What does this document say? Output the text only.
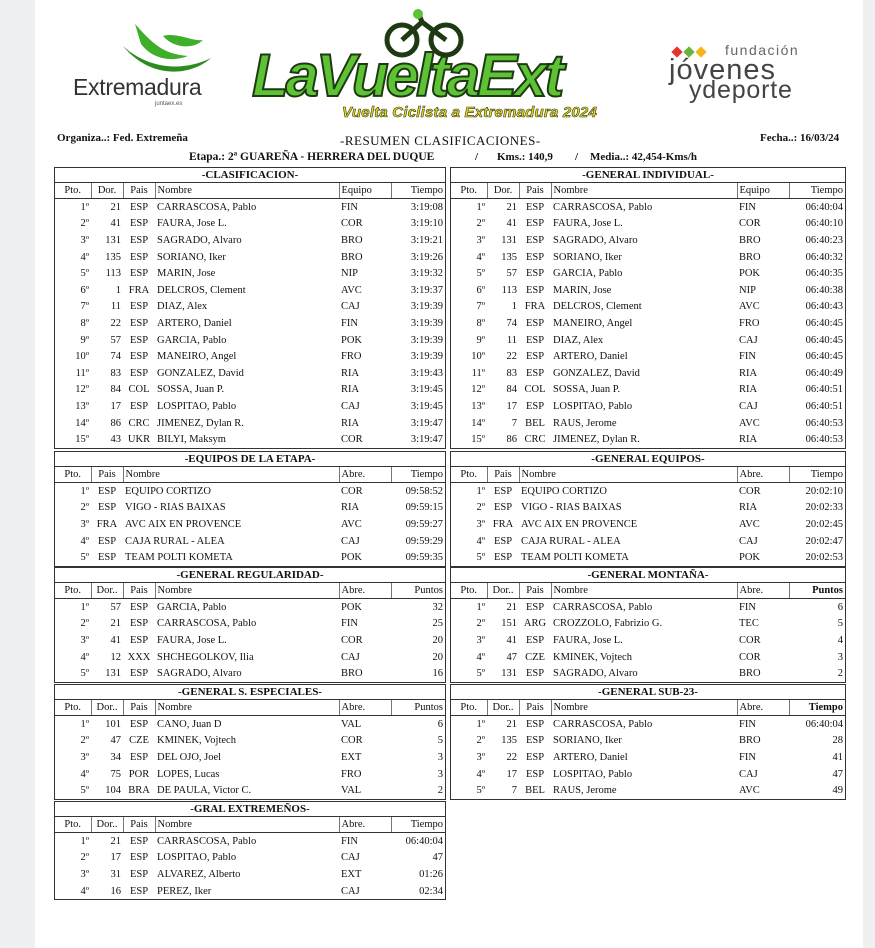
Extremadura
juntaex.es LaVueltaExt
Vuelta Ciclista a Extremadura 2024
fundación
jóvenes
ydeporte
Organiza..: Fed. Extremeña	-RESUMEN CLASIFICACIONES-	Fecha..: 16/03/24
Etapa.: 2ª GUAREÑA - HERRERA DEL DUQUE	/ Kms.: 140,9 / Media..: 42,454-Kms/h
-CLASIFICACION-
Pto.	Dor.	Pais	Nombre	Equipo	Tiempo
1º	21	ESP	CARRASCOSA, Pablo	FIN	3:19:08
2º	41	ESP	FAURA, Jose L.	COR	3:19:10
3º	131	ESP	SAGRADO, Alvaro	BRO	3:19:21
4º	135	ESP	SORIANO, Iker	BRO	3:19:26
5º	113	ESP	MARIN, Jose	NIP	3:19:32
6º	1	FRA	DELCROS, Clement	AVC	3:19:37
7º	11	ESP	DIAZ, Alex	CAJ	3:19:39
8º	22	ESP	ARTERO, Daniel	FIN	3:19:39
9º	57	ESP	GARCIA, Pablo	POK	3:19:39
10º	74	ESP	MANEIRO, Angel	FRO	3:19:39
11º	83	ESP	GONZALEZ, David	RIA	3:19:43
12º	84	COL	SOSSA, Juan P.	RIA	3:19:45
13º	17	ESP	LOSPITAO, Pablo	CAJ	3:19:45
14º	86	CRC	JIMENEZ, Dylan R.	RIA	3:19:47
15º	43	UKR	BILYI, Maksym	COR	3:19:47
-GENERAL INDIVIDUAL-
Pto.	Dor.	Pais	Nombre	Equipo	Tiempo
1º	21	ESP	CARRASCOSA, Pablo	FIN	06:40:04
2º	41	ESP	FAURA, Jose L.	COR	06:40:10
3º	131	ESP	SAGRADO, Alvaro	BRO	06:40:23
4º	135	ESP	SORIANO, Iker	BRO	06:40:32
5º	57	ESP	GARCIA, Pablo	POK	06:40:35
6º	113	ESP	MARIN, Jose	NIP	06:40:38
7º	1	FRA	DELCROS, Clement	AVC	06:40:43
8º	74	ESP	MANEIRO, Angel	FRO	06:40:45
9º	11	ESP	DIAZ, Alex	CAJ	06:40:45
10º	22	ESP	ARTERO, Daniel	FIN	06:40:45
11º	83	ESP	GONZALEZ, David	RIA	06:40:49
12º	84	COL	SOSSA, Juan P.	RIA	06:40:51
13º	17	ESP	LOSPITAO, Pablo	CAJ	06:40:51
14º	7	BEL	RAUS, Jerome	AVC	06:40:53
15º	86	CRC	JIMENEZ, Dylan R.	RIA	06:40:53
-EQUIPOS DE LA ETAPA-
Pto.	Pais	Nombre	Abre.	Tiempo
1º	ESP	EQUIPO CORTIZO	COR	09:58:52
2º	ESP	VIGO - RIAS BAIXAS	RIA	09:59:15
3º	FRA	AVC AIX EN PROVENCE	AVC	09:59:27
4º	ESP	CAJA RURAL - ALEA	CAJ	09:59:29
5º	ESP	TEAM POLTI KOMETA	POK	09:59:35
-GENERAL EQUIPOS-
Pto.	Pais	Nombre	Abre.	Tiempo
1º	ESP	EQUIPO CORTIZO	COR	20:02:10
2º	ESP	VIGO - RIAS BAIXAS	RIA	20:02:33
3º	FRA	AVC AIX EN PROVENCE	AVC	20:02:45
4º	ESP	CAJA RURAL - ALEA	CAJ	20:02:47
5º	ESP	TEAM POLTI KOMETA	POK	20:02:53
-GENERAL REGULARIDAD-
Pto.	Dor..	Pais	Nombre	Abre.	Puntos
1º	57	ESP	GARCIA, Pablo	POK	32
2º	21	ESP	CARRASCOSA, Pablo	FIN	25
3º	41	ESP	FAURA, Jose L.	COR	20
4º	12	XXX	SHCHEGOLKOV, Ilia	CAJ	20
5º	131	ESP	SAGRADO, Alvaro	BRO	16
-GENERAL MONTAÑA-
Pto.	Dor..	Pais	Nombre	Abre.	Puntos
1º	21	ESP	CARRASCOSA, Pablo	FIN	6
2º	151	ARG	CROZZOLO, Fabrizio G.	TEC	5
3º	41	ESP	FAURA, Jose L.	COR	4
4º	47	CZE	KMINEK, Vojtech	COR	3
5º	131	ESP	SAGRADO, Alvaro	BRO	2
-GENERAL S. ESPECIALES-
Pto.	Dor..	Pais	Nombre	Abre.	Puntos
1º	101	ESP	CANO, Juan D	VAL	6
2º	47	CZE	KMINEK, Vojtech	COR	5
3º	34	ESP	DEL OJO, Joel	EXT	3
4º	75	POR	LOPES, Lucas	FRO	3
5º	104	BRA	DE PAULA, Victor C.	VAL	2
-GENERAL SUB-23-
Pto.	Dor..	Pais	Nombre	Abre.	Tiempo
1º	21	ESP	CARRASCOSA, Pablo	FIN	06:40:04
2º	135	ESP	SORIANO, Iker	BRO	28
3º	22	ESP	ARTERO, Daniel	FIN	41
4º	17	ESP	LOSPITAO, Pablo	CAJ	47
5º	7	BEL	RAUS, Jerome	AVC	49
-GRAL EXTREMEÑOS-
Pto.	Dor..	Pais	Nombre	Abre.	Tiempo
1º	21	ESP	CARRASCOSA, Pablo	FIN	06:40:04
2º	17	ESP	LOSPITAO, Pablo	CAJ	47
3º	31	ESP	ALVAREZ, Alberto	EXT	01:26
4º	16	ESP	PEREZ, Iker	CAJ	02:34
